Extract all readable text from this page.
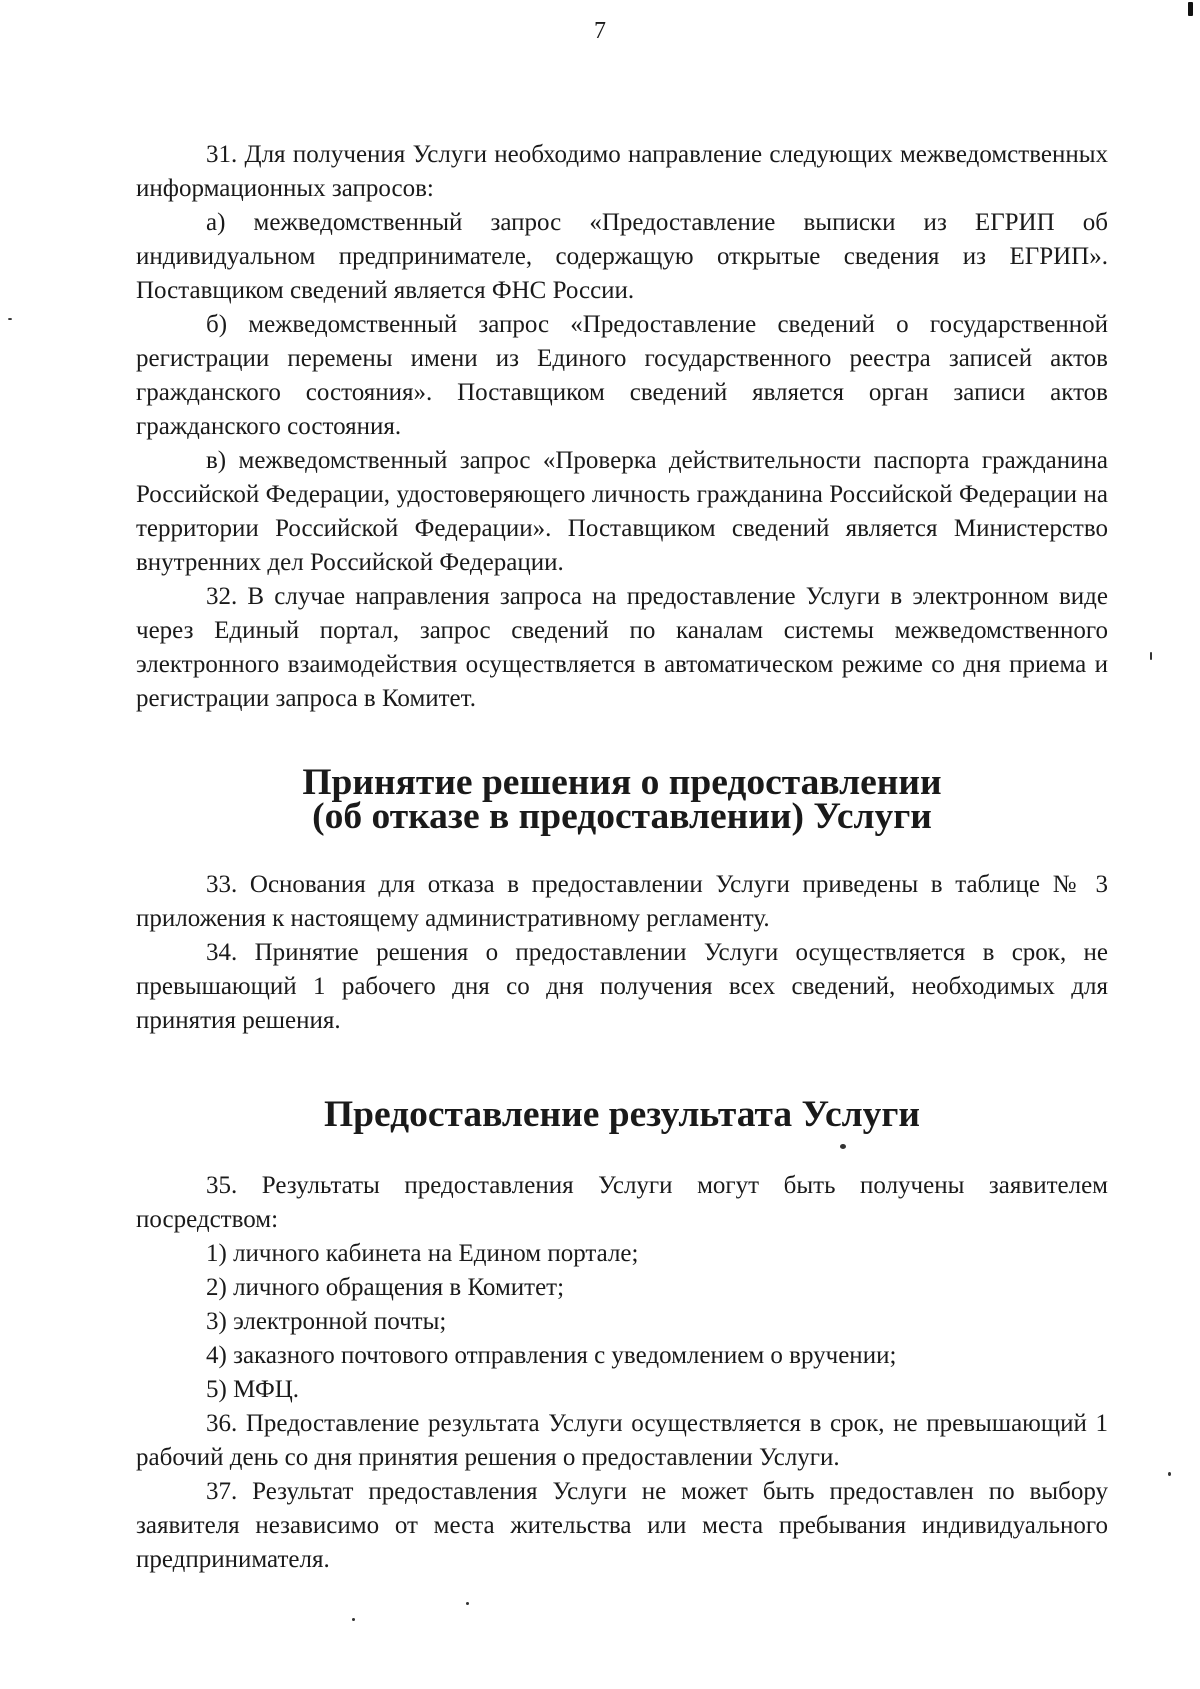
7

31. Для получения Услуги необходимо направление следующих межведомственных информационных запросов:

а) межведомственный запрос «Предоставление выписки из ЕГРИП об индивидуальном предпринимателе, содержащую открытые сведения из ЕГРИП». Поставщиком сведений является ФНС России.

б) межведомственный запрос «Предоставление сведений о государственной регистрации перемены имени из Единого государственного реестра записей актов гражданского состояния». Поставщиком сведений является орган записи актов гражданского состояния.

в) межведомственный запрос «Проверка действительности паспорта гражданина Российской Федерации, удостоверяющего личность гражданина Российской Федерации на территории Российской Федерации». Поставщиком сведений является Министерство внутренних дел Российской Федерации.

32. В случае направления запроса на предоставление Услуги в электронном виде через Единый портал, запрос сведений по каналам системы межведомственного электронного взаимодействия осуществляется в автоматическом режиме со дня приема и регистрации запроса в Комитет.

Принятие решения о предоставлении
(об отказе в предоставлении) Услуги

33. Основания для отказа в предоставлении Услуги приведены в таблице № 3 приложения к настоящему административному регламенту.

34. Принятие решения о предоставлении Услуги осуществляется в срок, не превышающий 1 рабочего дня со дня получения всех сведений, необходимых для принятия решения.

Предоставление результата Услуги

35. Результаты предоставления Услуги могут быть получены заявителем посредством:

1) личного кабинета на Едином портале;

2) личного обращения в Комитет;

3) электронной почты;

4) заказного почтового отправления с уведомлением о вручении;

5) МФЦ.

36. Предоставление результата Услуги осуществляется в срок, не превышающий 1 рабочий день со дня принятия решения о предоставлении Услуги.

37. Результат предоставления Услуги не может быть предоставлен по выбору заявителя независимо от места жительства или места пребывания индивидуального предпринимателя.
